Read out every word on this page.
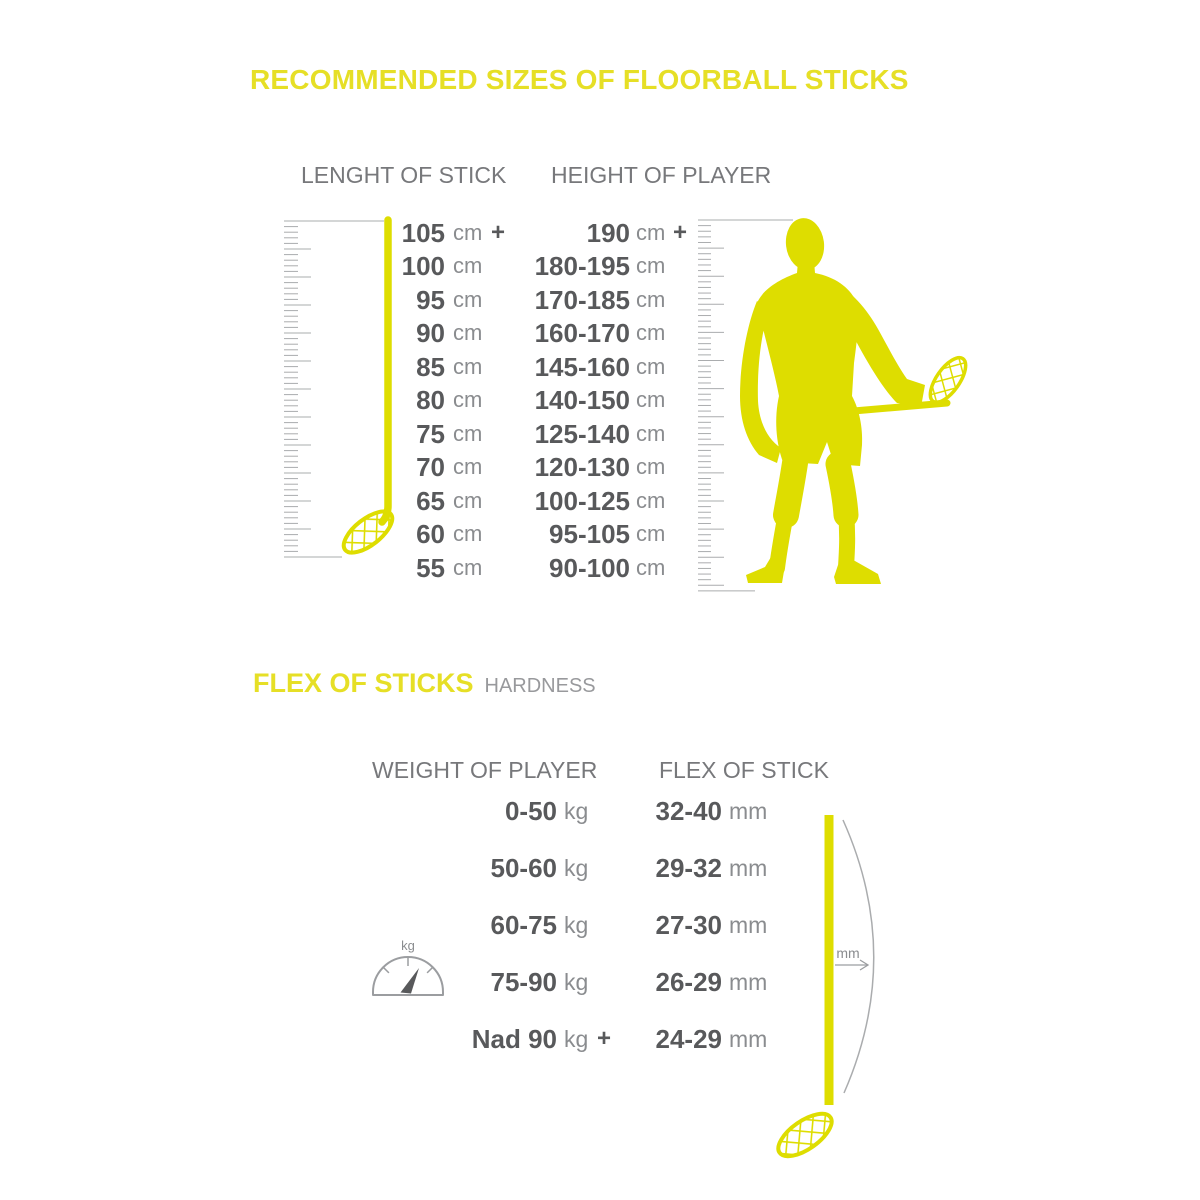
RECOMMENDED SIZES OF FLOORBALL STICKS
LENGHT OF STICK HEIGHT OF PLAYER
105 cm +	190 cm +
100 cm	180-195 cm
95 cm	170-185 cm
90 cm	160-170 cm
85 cm	145-160 cm
80 cm	140-150 cm
75 cm	125-140 cm
70 cm	120-130 cm
65 cm	100-125 cm
60 cm	95-105 cm
55 cm	90-100 cm
FLEX OF STICKS HARDNESS
WEIGHT OF PLAYER	FLEX OF STICK
0-50 kg	32-40 mm
50-60 kg	29-32 mm
60-75 kg	27-30 mm
75-90 kg	26-29 mm
Nad 90 kg +	24-29 mm
kg	mm
